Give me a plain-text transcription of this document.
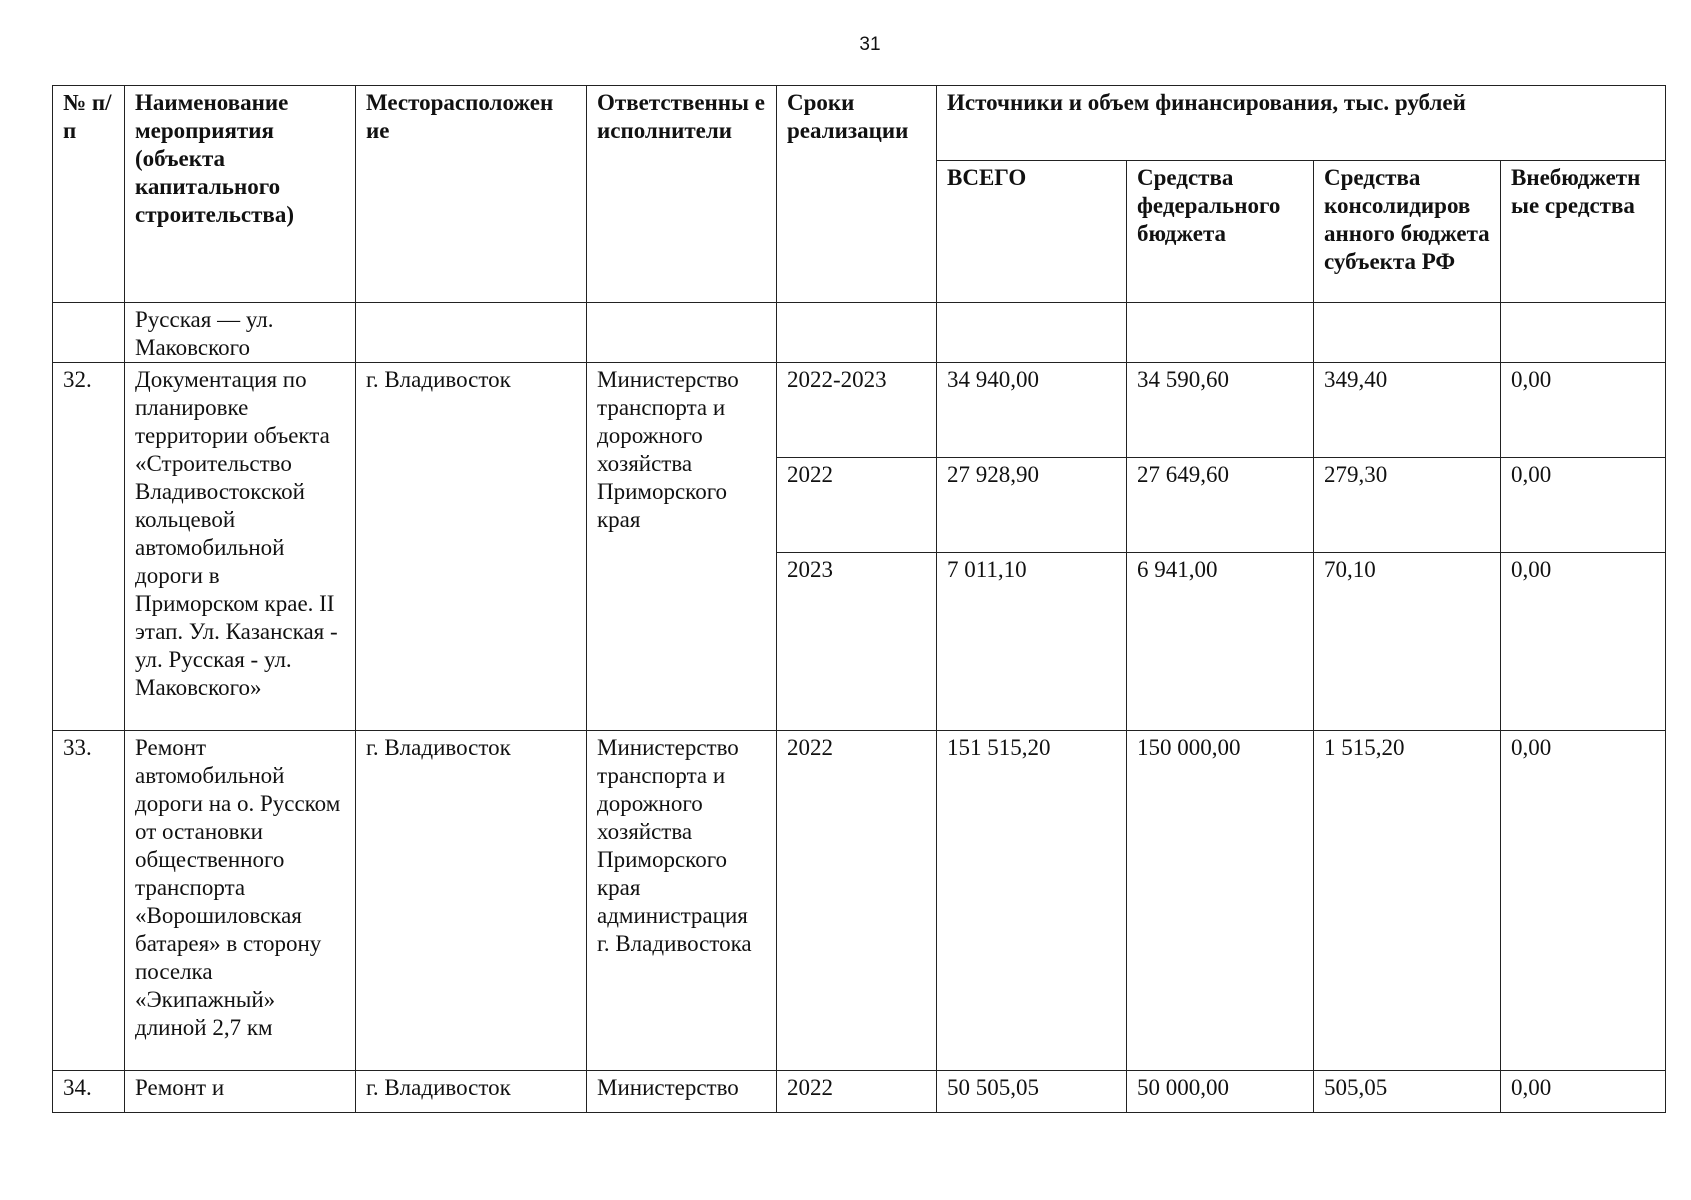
31
№ п/п	Наименование мероприятия (объекта капитального строительства)	Месторасположен ие	Ответственны е исполнители	Сроки реализации	Источники и объем финансирования, тыс. рублей			
					ВСЕГО	Средства федерального бюджета	Средства консолидиров анного бюджета субъекта РФ	Внебюджетн ые средства
	Русская — ул. Маковского							
32.	Документация по планировке территории объекта «Строительство Владивостокской кольцевой автомобильной дороги в Приморском крае. II этап. Ул. Казанская - ул. Русская - ул. Маковского»	г. Владивосток	Министерство транспорта и дорожного хозяйства Приморского края	2022-2023	34 940,00	34 590,60	349,40	0,00
				2022	27 928,90	27 649,60	279,30	0,00
				2023	7 011,10	6 941,00	70,10	0,00
33.	Ремонт автомобильной дороги на о. Русском от остановки общественного транспорта «Ворошиловская батарея» в сторону поселка «Экипажный» длиной 2,7 км	г. Владивосток	Министерство транспорта и дорожного хозяйства Приморского края администрация г. Владивостока	2022	151 515,20	150 000,00	1 515,20	0,00
34.	Ремонт и	г. Владивосток	Министерство	2022	50 505,05	50 000,00	505,05	0,00
